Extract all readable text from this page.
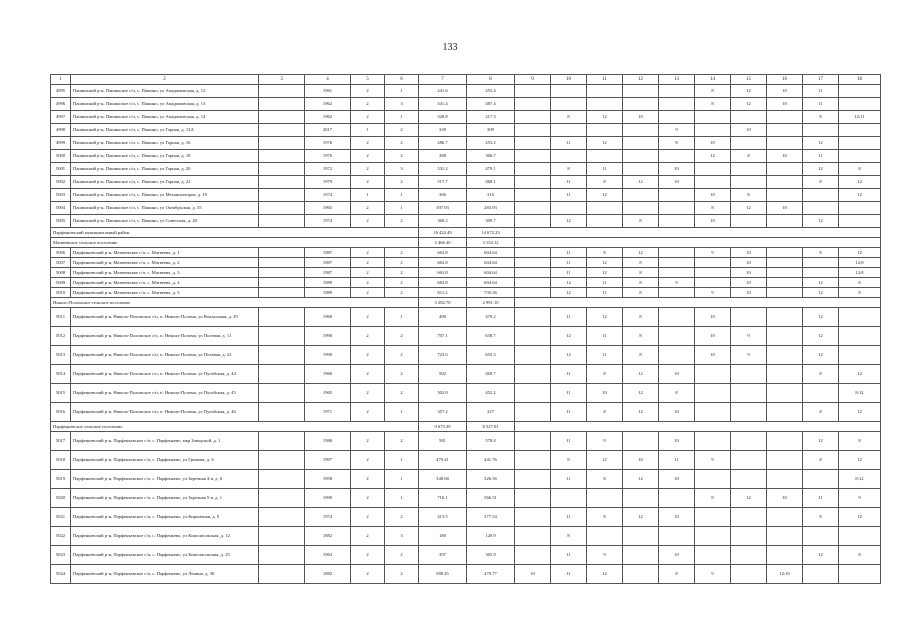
133
1	2	3	4	5	6	7	8	9	10	11	12	13	14	15	16	17	18
4995	Пашинский р-н, Пашинское с/п, с. Пашино, ул Амадамовская, д. 12		1961	2	1	241.6	253.4						8	12	10	11	
4996	Пашинский р-н, Пашинское с/п, с. Пашино, ул Амадамовская, д. 13		1962	2	3	541.4	487.4						8	12	10	11	
4997	Пашинский р-н, Пашинское с/п, с. Пашино, ул Амадамовская, д. 14		1962	2	1	328.8	217.3		8	12	10					8	12;11
4998	Пашинский р-н, Пашинское с/п, с. Пашино, ул Горная, д. 13А		2017	1	2	339	309					9		10			
4999	Пашинский р-н, Пашинское с/п, с. Пашино, ул Горная, д. 16		1976	2	2	286.7	253.2		11	12		8	10			12	
5000	Пашинский р-н, Пашинское с/п, с. Пашино, ул Горная, д. 18		1976	2	2	388	366.7						12	8	10	11	
5001	Пашинский р-н, Пашинское с/п, с. Пашино, ул Горная, д. 20		1972	2	3	531.2	479.1		8	11		10				12	8
5002	Пашинский р-н, Пашинское с/п, с. Пашино, ул Горная, д. 22		1979	2	2	517.7	468.1		11	8	12	10				8	12
5003	Пашинский р-н, Пашинское с/п, с. Пашино, ул Механизаторов, д. 10		1974	1	1	366	316		11	12			10	8			12
5004	Пашинский р-н, Пашинское с/п, с. Пашино, ул Октябрьская, д. 35		1965	2	1	397.93	283.93						8	12	10		
5005	Пашинский р-н, Пашинское с/п, с. Пашино, ул Советская, д. 20		1974	2	2	360.2	309.7		12		8		10			12	
Парфеньевский муниципальный район						16 422.49	14 672.23										
Матвеевское сельское поселение						3 466.40	3 154.12										
5006	Парфеньевский р-н, Матвеевское с/п, с. Матвеево, д. 1		1987	2	2	663.8	604.64		11	8	12		9	10		8	12
5007	Парфеньевский р-н, Матвеевское с/п, с. Матвеево, д. 2		1987	2	2	663.8	604.64		11	12	8			10			12;8
5008	Парфеньевский р-н, Матвеевское с/п, с. Матвеево, д. 3		1987	2	2	663.8	604.64		11	12	8			10			12;8
5009	Парфеньевский р-н, Матвеевское с/п, с. Матвеево, д. 4		1989	2	2	663.8	604.64		12	11	8	9		10		12	8
5010	Парфеньевский р-н, Матвеевское с/п, с. Матвеево, д. 5		1989	2	2	811.2	735.56		12	11	8		9	10		12	8
Николо-Поломское сельское поселение						3 282.70	2 991.10										
5011	Парфеньевский р-н, Николо-Поломское с/п, п. Николо-Полома, ул Вокзальная, д. 29		1960	2	1	490	470.2		11	12	8		10			12	
5012	Парфеньевский р-н, Николо-Поломское с/п, п. Николо-Полома, ул Полевая, д. 11		1990	2	2	707.1	638.7		12	11	8		10	9		12	
5013	Парфеньевский р-н, Николо-Поломское с/п, п. Николо-Полома, ул Полевая, д. 23		1990	2	2	723.6	653.3		12	11	8		10	9		12	
5014	Парфеньевский р-н, Николо-Поломское с/п, п. Николо-Полома, ул Пугойская, д. 44		1966	2	2	502	469.7		11	8	12	10				8	12
5015	Парфеньевский р-н, Николо-Поломское с/п, п. Николо-Полома, ул Пугойская, д. 45		1965	2	2	502.8	452.2		11	10	12	8					8;12
5016	Парфеньевский р-н, Николо-Поломское с/п, п. Николо-Полома, ул Пугойская, д. 46		1971	2	1	357.2	327		11	8	12	10				8	12
Парфеньевское сельское поселение						9 673.39	8 527.01										
5017	Парфеньевский р-н, Парфеньевское с/п, с. Парфеньево, мкр Заводской, д. 1		1986	2	2	581	578.4		11	9		10				12	8
5018	Парфеньевский р-н, Парфеньевское с/п, с. Парфеньево, ул Громова, д. 6		1997	2	1	479.41	441.76		8	12	10	11	9			8	12
5019	Парфеньевский р-н, Парфеньевское с/п, с. Парфеньево, ул Заречная 4-я, д. 6		1958	2	1	348.68	326.56		11	8	12	10					8;12
5020	Парфеньевский р-н, Парфеньевское с/п, с. Парфеньево, ул Заречная 5-я, д. 1		1990	2	1	716.1	566.51						8	12	10	11	9
5021	Парфеньевский р-н, Парфеньевское с/п, с. Парфеньево, ул Кирпичная, д. 9		1974	2	2	413.5	377.54		11	8	12	10				8	12
5022	Парфеньевский р-н, Парфеньевское с/п, с. Парфеньево, ул Комсомольская, д. 12		1882	2	3	180	120.9		8								
5023	Парфеньевский р-н, Парфеньевское с/п, с. Парфеньево, ул Комсомольская, д. 25		1963	2	2	397	365.9		11	9		10				12	8
5024	Парфеньевский р-н, Парфеньевское с/п, с. Парфеньево, ул Ленина, д. 30		1882	2	2	588.45	479.77	10	11	12		8	9		12;10		
